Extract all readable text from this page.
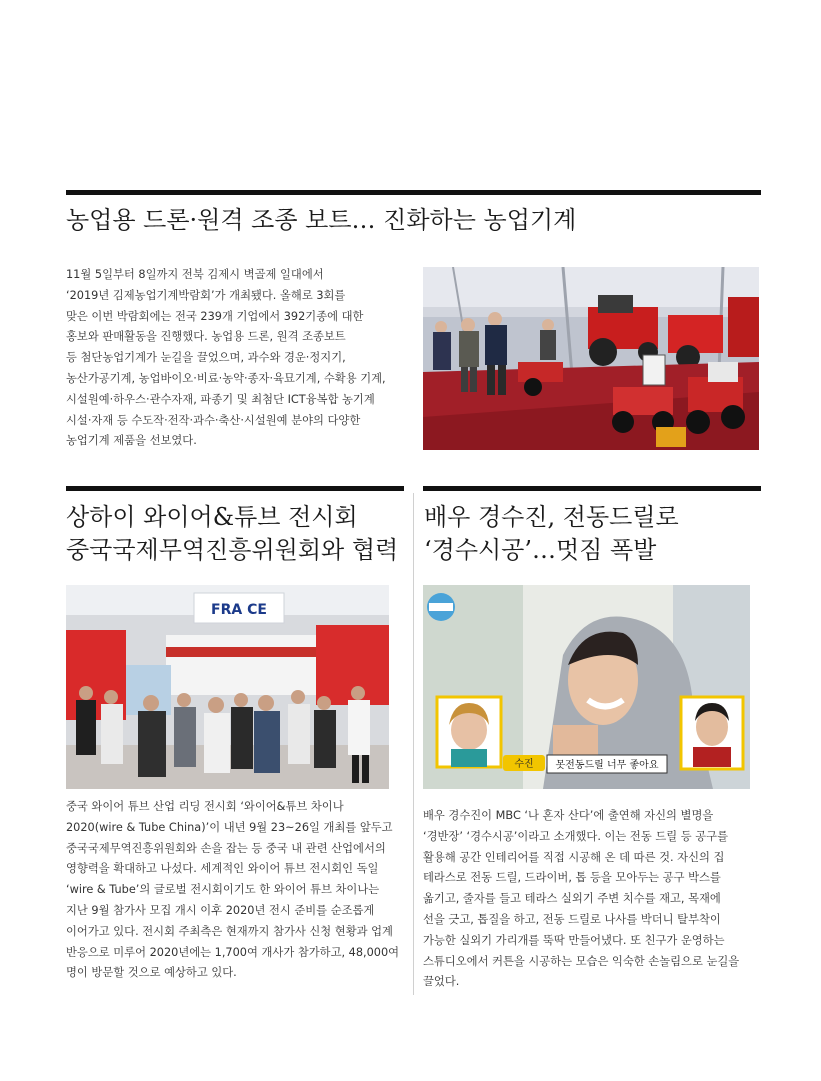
농업용 드론·원격 조종 보트… 진화하는 농업기계
11월 5일부터 8일까지 전북 김제시 벽골제 일대에서
‘2019년 김제농업기계박람회’가 개최됐다. 올해로 3회를
맞은 이번 박람회에는 전국 239개 기업에서 392기종에 대한
홍보와 판매활동을 진행했다. 농업용 드론, 원격 조종보트
등 첨단농업기계가 눈길을 끌었으며, 과수와 경운·정지기,
농산가공기계, 농업바이오·비료·농약·종자·육묘기계, 수확용 기계,
시설원예·하우스·관수자재, 파종기 및 최첨단 ICT융복합 농기계
시설·자재 등 수도작·전작·과수·축산·시설원예 분야의 다양한
농업기계 제품을 선보였다.
상하이 와이어&튜브 전시회
중국국제무역진흥위원회와 협력
FRA CE
중국 와이어 튜브 산업 리딩 전시회 ‘와이어&튜브 차이나
2020(wire & Tube China)’이 내년 9월 23~26일 개최를 앞두고
중국국제무역진흥위원회와 손을 잡는 등 중국 내 관련 산업에서의
영향력을 확대하고 나섰다. 세계적인 와이어 튜브 전시회인 독일
‘wire & Tube’의 글로벌 전시회이기도 한 와이어 튜브 차이나는
지난 9월 참가사 모집 개시 이후 2020년 전시 준비를 순조롭게
이어가고 있다. 전시회 주최측은 현재까지 참가사 신청 현황과 업계
반응으로 미루어 2020년에는 1,700여 개사가 참가하고, 48,000여
명이 방문할 것으로 예상하고 있다.
배우 경수진, 전동드릴로
‘경수시공’…멋짐 폭발
수진 못전동드릴 너무 좋아요
배우 경수진이 MBC ‘나 혼자 산다’에 출연해 자신의 별명을
‘경반장’ ‘경수시공’이라고 소개했다. 이는 전동 드릴 등 공구를
활용해 공간 인테리어를 직접 시공해 온 데 따른 것. 자신의 집
테라스로 전동 드릴, 드라이버, 톱 등을 모아두는 공구 박스를
옮기고, 줄자를 들고 테라스 실외기 주변 치수를 재고, 목재에
선을 긋고, 톱질을 하고, 전동 드릴로 나사를 박더니 탈부착이
가능한 실외기 가리개를 뚝딱 만들어냈다. 또 친구가 운영하는
스튜디오에서 커튼을 시공하는 모습은 익숙한 손놀림으로 눈길을
끌었다.
